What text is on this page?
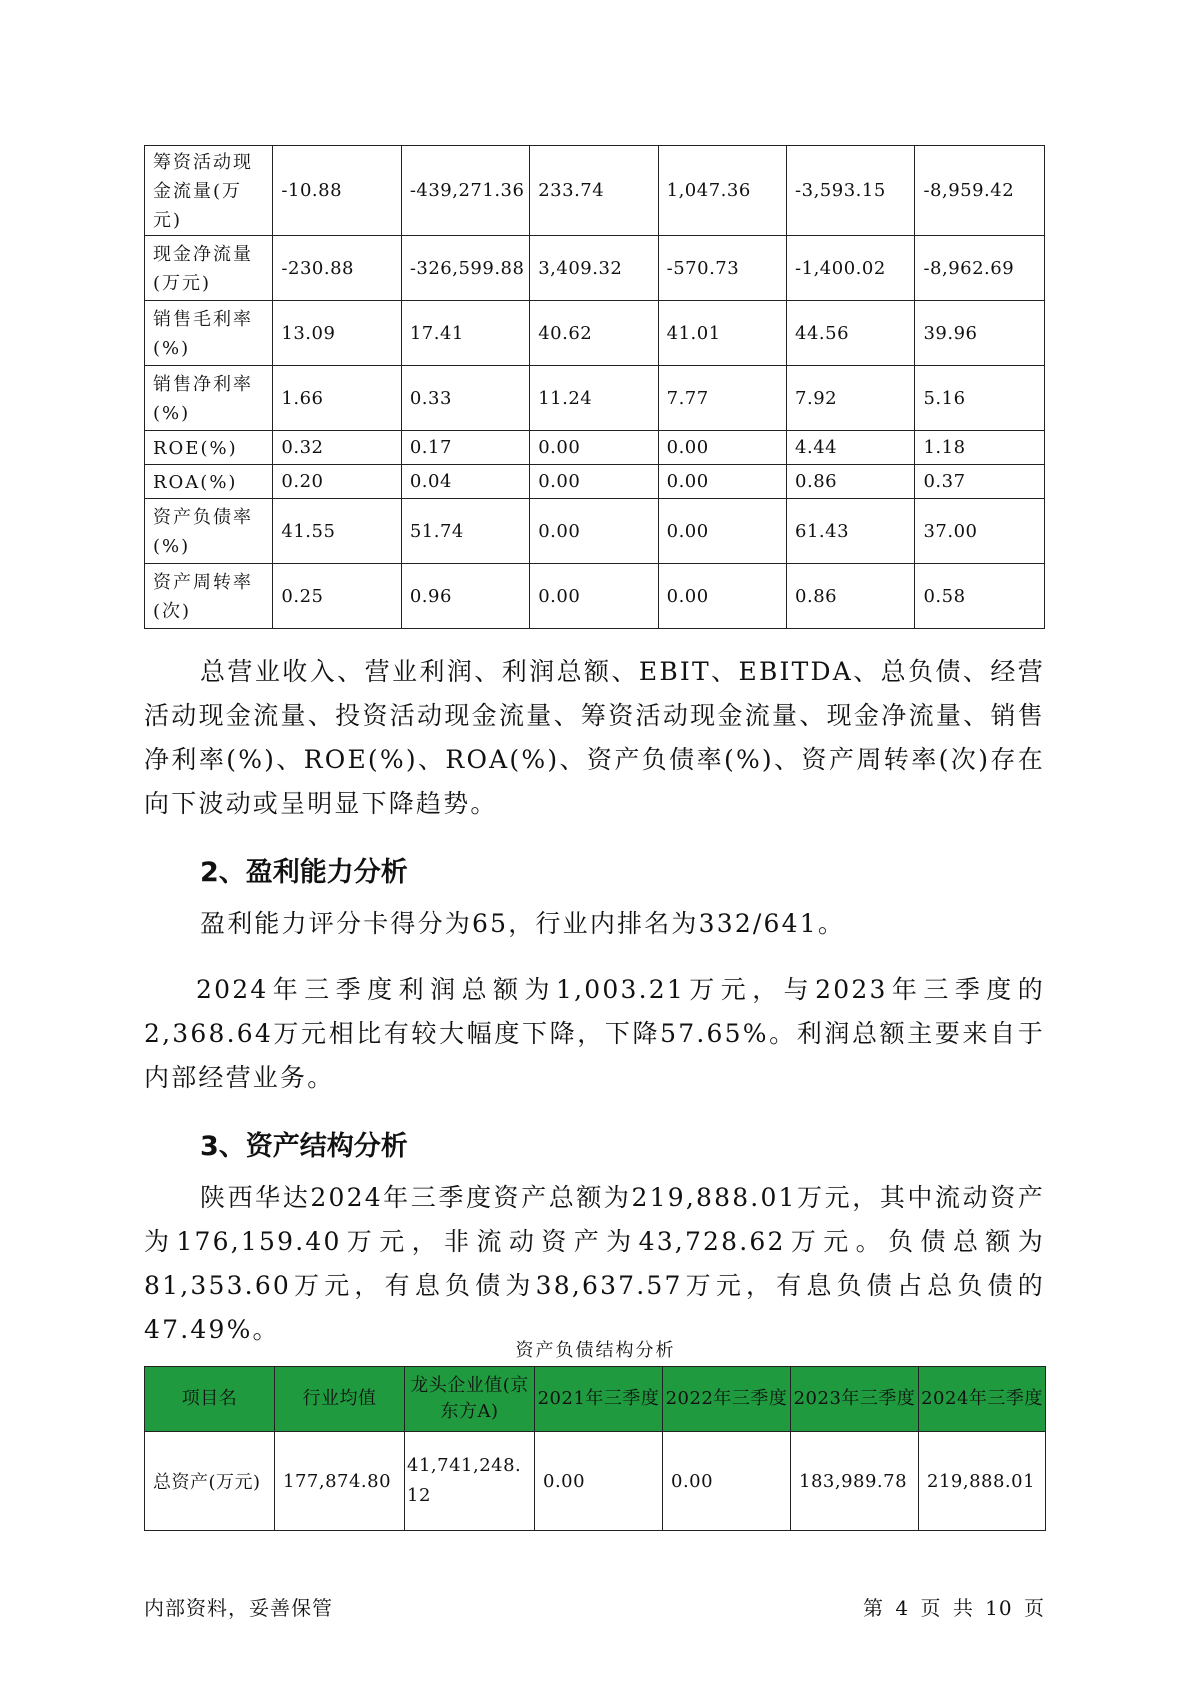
筹资活动现金流量(万元)	-10.88	-439,271.36	233.74	1,047.36	-3,593.15	-8,959.42
现金净流量(万元)	-230.88	-326,599.88	3,409.32	-570.73	-1,400.02	-8,962.69
销售毛利率(%)	13.09	17.41	40.62	41.01	44.56	39.96
销售净利率(%)	1.66	0.33	11.24	7.77	7.92	5.16
ROE(%)	0.32	0.17	0.00	0.00	4.44	1.18
ROA(%)	0.20	0.04	0.00	0.00	0.86	0.37
资产负债率(%)	41.55	51.74	0.00	0.00	61.43	37.00
资产周转率(次)	0.25	0.96	0.00	0.00	0.86	0.58

总营业收入、营业利润、利润总额、EBIT、EBITDA、总负债、经营活动现金流量、投资活动现金流量、筹资活动现金流量、现金净流量、销售净利率(%)、ROE(%)、ROA(%)、资产负债率(%)、资产周转率(次)存在向下波动或呈明显下降趋势。

2、盈利能力分析

盈利能力评分卡得分为65，行业内排名为332/641。

2024年三季度利润总额为1,003.21万元，与2023年三季度的2,368.64万元相比有较大幅度下降，下降57.65%。利润总额主要来自于内部经营业务。

3、资产结构分析

陕西华达2024年三季度资产总额为219,888.01万元，其中流动资产为176,159.40万元，非流动资产为43,728.62万元。负债总额为81,353.60万元，有息负债为38,637.57万元，有息负债占总负债的47.49%。

资产负债结构分析
项目名	行业均值	龙头企业值(京东方A)	2021年三季度	2022年三季度	2023年三季度	2024年三季度
总资产(万元)	177,874.80	41,741,248.12	0.00	0.00	183,989.78	219,888.01
内部资料，妥善保管	第 4 页 共 10 页
